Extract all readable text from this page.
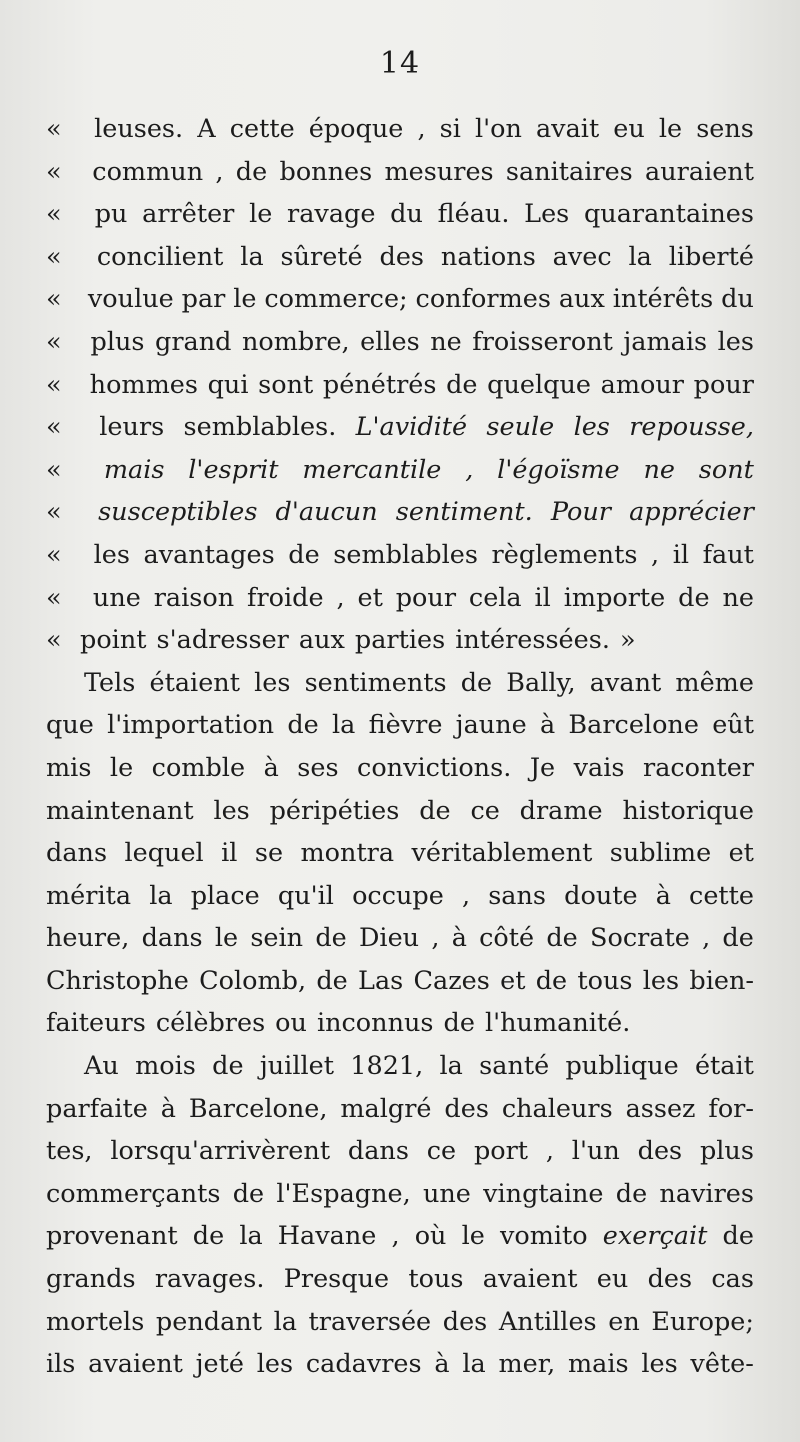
14
«	leuses. A cette époque , si l'on avait eu le sens
«	commun , de bonnes mesures sanitaires auraient
«	pu arrêter le ravage du fléau. Les quarantaines
«	concilient la sûreté des nations avec la liberté
«	voulue par le commerce; conformes aux intérêts du
«	plus grand nombre, elles ne froisseront jamais les
«	hommes qui sont pénétrés de quelque amour pour
«	leurs semblables. L'avidité seule les repousse,
«	mais l'esprit mercantile , l'égoïsme ne sont
«	susceptibles d'aucun sentiment. Pour apprécier
«	les avantages de semblables règlements , il faut
«	une raison froide , et pour cela il importe de ne
« point s'adresser aux parties intéressées. »
Tels étaient les sentiments de Bally, avant même
que l'importation de la fièvre jaune à Barcelone eût
mis le comble à ses convictions. Je vais raconter
maintenant les péripéties de ce drame historique
dans lequel il se montra véritablement sublime et
mérita la place qu'il occupe , sans doute à cette
heure, dans le sein de Dieu , à côté de Socrate , de
Christophe Colomb, de Las Cazes et de tous les bien-
faiteurs célèbres ou inconnus de l'humanité.
Au mois de juillet 1821, la santé publique était
parfaite à Barcelone, malgré des chaleurs assez for-
tes, lorsqu'arrivèrent dans ce port , l'un des plus
commerçants de l'Espagne, une vingtaine de navires
provenant de la Havane , où le vomito exerçait de
grands ravages. Presque tous avaient eu des cas
mortels pendant la traversée des Antilles en Europe;
ils avaient jeté les cadavres à la mer, mais les vête-
